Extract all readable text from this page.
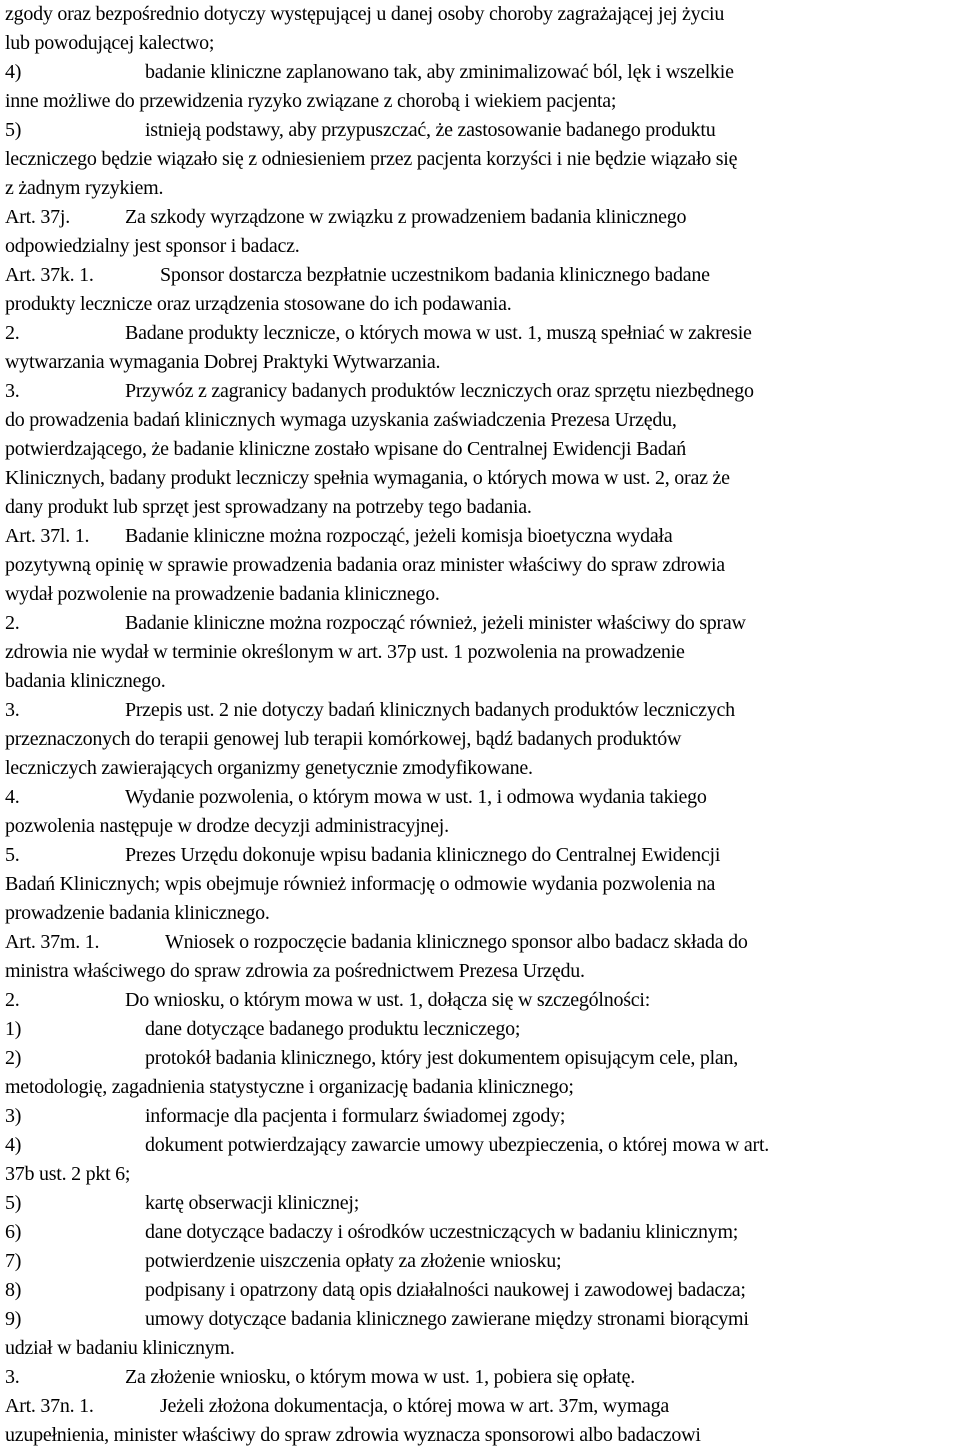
zgody oraz bezpośrednio dotyczy występującej u danej osoby choroby zagrażającej jej życiu
lub powodującej kalectwo;
4)	badanie kliniczne zaplanowano tak, aby zminimalizować ból, lęk i wszelkie
inne możliwe do przewidzenia ryzyko związane z chorobą i wiekiem pacjenta;
5)	istnieją podstawy, aby przypuszczać, że zastosowanie badanego produktu
leczniczego będzie wiązało się z odniesieniem przez pacjenta korzyści i nie będzie wiązało się
z żadnym ryzykiem.
Art. 37j.	Za szkody wyrządzone w związku z prowadzeniem badania klinicznego
odpowiedzialny jest sponsor i badacz.
Art. 37k. 1.	Sponsor dostarcza bezpłatnie uczestnikom badania klinicznego badane
produkty lecznicze oraz urządzenia stosowane do ich podawania.
2.	Badane produkty lecznicze, o których mowa w ust. 1, muszą spełniać w zakresie
wytwarzania wymagania Dobrej Praktyki Wytwarzania.
3.	Przywóz z zagranicy badanych produktów leczniczych oraz sprzętu niezbędnego
do prowadzenia badań klinicznych wymaga uzyskania zaświadczenia Prezesa Urzędu,
potwierdzającego, że badanie kliniczne zostało wpisane do Centralnej Ewidencji Badań
Klinicznych, badany produkt leczniczy spełnia wymagania, o których mowa w ust. 2, oraz że
dany produkt lub sprzęt jest sprowadzany na potrzeby tego badania.
Art. 37l. 1. Badanie kliniczne można rozpocząć, jeżeli komisja bioetyczna wydała
pozytywną opinię w sprawie prowadzenia badania oraz minister właściwy do spraw zdrowia
wydał pozwolenie na prowadzenie badania klinicznego.
2.	Badanie kliniczne można rozpocząć również, jeżeli minister właściwy do spraw
zdrowia nie wydał w terminie określonym w art. 37p ust. 1 pozwolenia na prowadzenie
badania klinicznego.
3.	Przepis ust. 2 nie dotyczy badań klinicznych badanych produktów leczniczych
przeznaczonych do terapii genowej lub terapii komórkowej, bądź badanych produktów
leczniczych zawierających organizmy genetycznie zmodyfikowane.
4.	Wydanie pozwolenia, o którym mowa w ust. 1, i odmowa wydania takiego
pozwolenia następuje w drodze decyzji administracyjnej.
5.	Prezes Urzędu dokonuje wpisu badania klinicznego do Centralnej Ewidencji
Badań Klinicznych; wpis obejmuje również informację o odmowie wydania pozwolenia na
prowadzenie badania klinicznego.
Art. 37m. 1.	Wniosek o rozpoczęcie badania klinicznego sponsor albo badacz składa do
ministra właściwego do spraw zdrowia za pośrednictwem Prezesa Urzędu.
2.	Do wniosku, o którym mowa w ust. 1, dołącza się w szczególności:
1)	dane dotyczące badanego produktu leczniczego;
2)	protokół badania klinicznego, który jest dokumentem opisującym cele, plan,
metodologię, zagadnienia statystyczne i organizację badania klinicznego;
3)	informacje dla pacjenta i formularz świadomej zgody;
4)	dokument potwierdzający zawarcie umowy ubezpieczenia, o której mowa w art.
37b ust. 2 pkt 6;
5)	kartę obserwacji klinicznej;
6)	dane dotyczące badaczy i ośrodków uczestniczących w badaniu klinicznym;
7)	potwierdzenie uiszczenia opłaty za złożenie wniosku;
8)	podpisany i opatrzony datą opis działalności naukowej i zawodowej badacza;
9)	umowy dotyczące badania klinicznego zawierane między stronami biorącymi
udział w badaniu klinicznym.
3.	Za złożenie wniosku, o którym mowa w ust. 1, pobiera się opłatę.
Art. 37n. 1.	Jeżeli złożona dokumentacja, o której mowa w art. 37m, wymaga
uzupełnienia, minister właściwy do spraw zdrowia wyznacza sponsorowi albo badaczowi
